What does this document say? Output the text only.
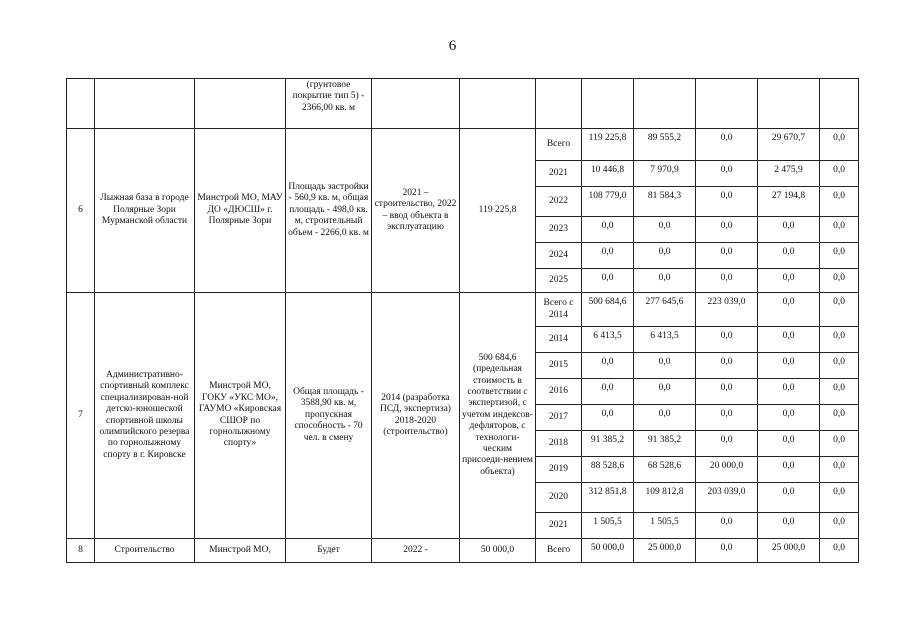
6
			(грунтовое покрытие тип 5) - 2366,00 кв. м								
6	Лыжная база в городе Полярные Зори Мурманской области	Минстрой МО, МАУ ДО «ДЮСШ» г. Полярные Зори	Площадь застройки - 560,9 кв. м, общая площадь - 498,0 кв. м, строительный объем - 2266,0 кв. м	2021 – строительство, 2022 – ввод объекта в эксплуатацию	119 225,8	Всего	119 225,8	89 555,2	0,0	29 670,7	0,0
						2021	10 446,8	7 970,9	0,0	2 475,9	0,0
						2022	108 779,0	81 584,3	0,0	27 194,8	0,0
						2023	0,0	0,0	0,0	0,0	0,0
						2024	0,0	0,0	0,0	0,0	0,0
						2025	0,0	0,0	0,0	0,0	0,0
7	Административно-спортивный комплекс специализирован-ной детско-юношеской спортивной школы олимпийского резерва по горнолыжному спорту в г. Кировске	Минстрой МО, ГОКУ «УКС МО», ГАУМО «Кировская СШОР по горнолыжному спорту»	Общая площадь - 3588,90 кв. м, пропускная способность - 70 чел. в смену	2014 (разработка ПСД, экспертиза) 2018-2020 (строительство)	500 684,6 (предельная стоимость в соответствии с экспертизой, с учетом индексов-дефляторов, с технологи-ческим присоеди-нением объекта)	Всего с 2014	500 684,6	277 645,6	223 039,0	0,0	0,0
						2014	6 413,5	6 413,5	0,0	0,0	0,0
						2015	0,0	0,0	0,0	0,0	0,0
						2016	0,0	0,0	0,0	0,0	0,0
						2017	0,0	0,0	0,0	0,0	0,0
						2018	91 385,2	91 385,2	0,0	0,0	0,0
						2019	88 528,6	68 528,6	20 000,0	0,0	0,0
						2020	312 851,8	109 812,8	203 039,0	0,0	0,0
						2021	1 505,5	1 505,5	0,0	0,0	0,0
8	Строительство	Минстрой МО,	Будет	2022 -	50 000,0	Всего	50 000,0	25 000,0	0,0	25 000,0	0,0
